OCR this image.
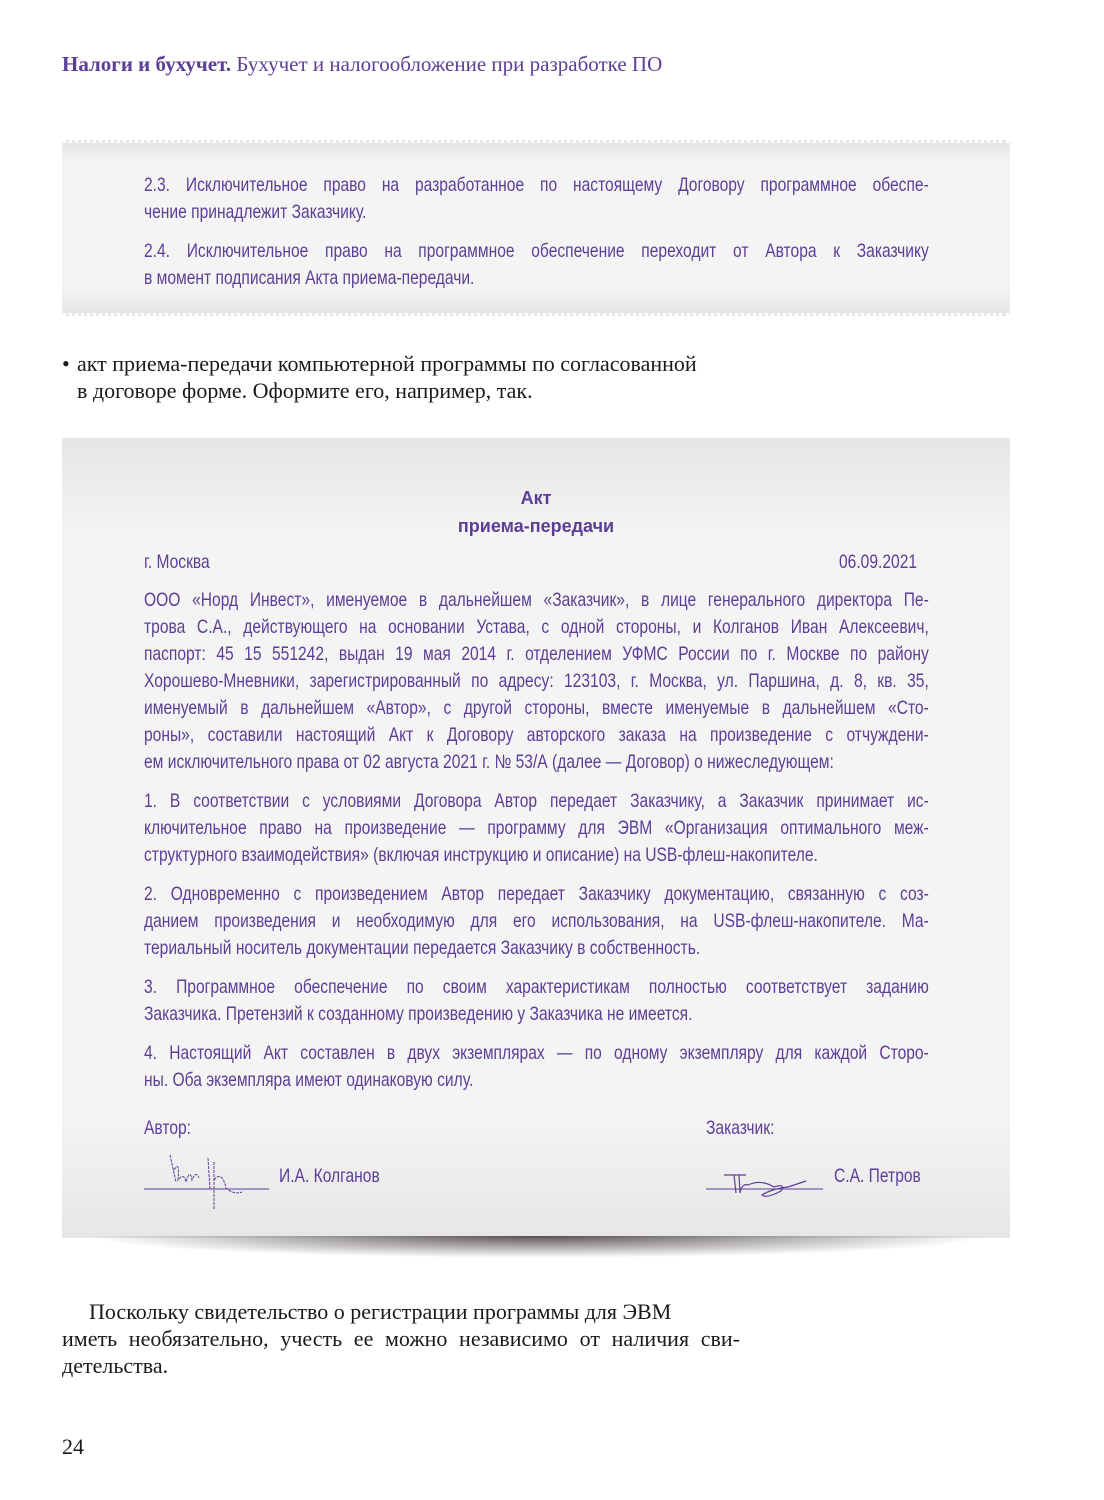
Налоги и бухучет. Бухучет и налогообложение при разработке ПО
2.3. Исключительное право на разработанное по настоящему Договору программное обеспе-
чение принадлежит Заказчику.
2.4. Исключительное право на программное обеспечение переходит от Автора к Заказчику
в момент подписания Акта приема-передачи.
• акт приема-передачи компьютерной программы по согласованной
в договоре форме. Оформите его, например, так.
Акт
приема-передачи
г. Москва	06.09.2021
ООО «Норд Инвест», именуемое в дальнейшем «Заказчик», в лице генерального директора Пе-
трова С.А., действующего на основании Устава, с одной стороны, и Колганов Иван Алексеевич,
паспорт: 45 15 551242, выдан 19 мая 2014 г. отделением УФМС России по г. Москве по району
Хорошево-Мневники, зарегистрированный по адресу: 123103, г. Москва, ул. Паршина, д. 8, кв. 35,
именуемый в дальнейшем «Автор», с другой стороны, вместе именуемые в дальнейшем «Сто-
роны», составили настоящий Акт к Договору авторского заказа на произведение с отчуждени-
ем исключительного права от 02 августа 2021 г. № 53/А (далее — Договор) о нижеследующем:
1. В соответствии с условиями Договора Автор передает Заказчику, а Заказчик принимает ис-
ключительное право на произведение — программу для ЭВМ «Организация оптимального меж-
структурного взаимодействия» (включая инструкцию и описание) на USB-флеш-накопителе.
2. Одновременно с произведением Автор передает Заказчику документацию, связанную с соз-
данием произведения и необходимую для его использования, на USB-флеш-накопителе. Ма-
териальный носитель документации передается Заказчику в собственность.
3. Программное обеспечение по своим характеристикам полностью соответствует заданию
Заказчика. Претензий к созданному произведению у Заказчика не имеется.
4. Настоящий Акт составлен в двух экземплярах — по одному экземпляру для каждой Сторо-
ны. Оба экземпляра имеют одинаковую силу.
Автор:	Заказчик:
И.А. Колганов	С.А. Петров
Поскольку свидетельство о регистрации программы для ЭВМ
иметь необязательно, учесть ее можно независимо от наличия сви-
детельства.
24
